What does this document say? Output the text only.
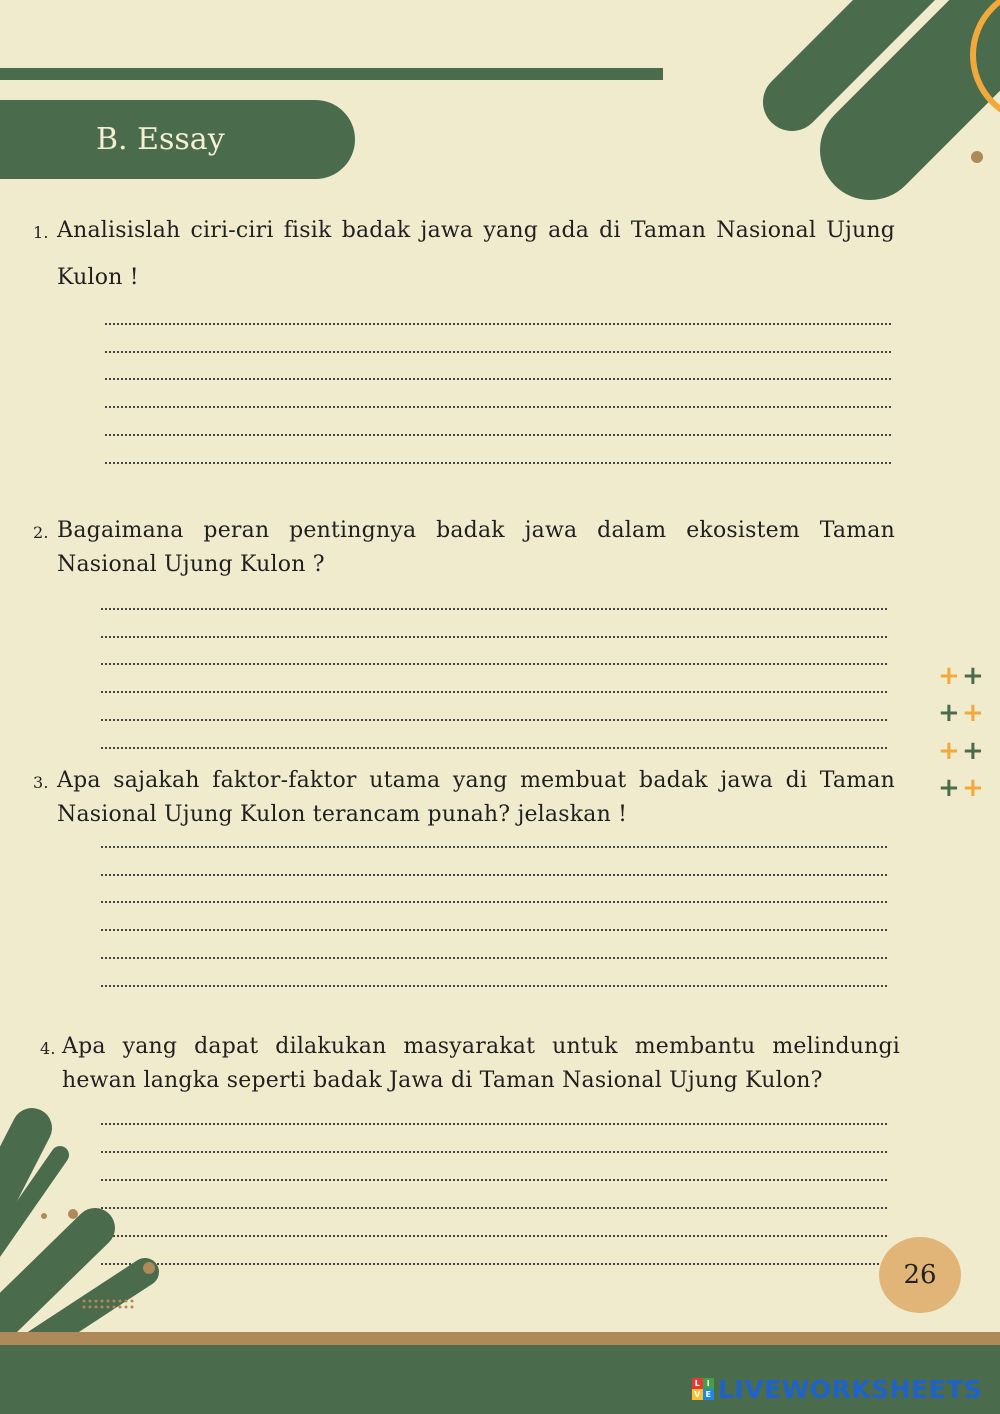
B. Essay
1. Analisislah ciri-ciri fisik badak jawa yang ada di Taman Nasional Ujung
Kulon !
2. Bagaimana peran pentingnya badak jawa dalam ekosistem Taman
Nasional Ujung Kulon ?
3. Apa sajakah faktor-faktor utama yang membuat badak jawa di Taman
Nasional Ujung Kulon terancam punah? jelaskan !
4. Apa yang dapat dilakukan masyarakat untuk membantu melindungi
hewan langka seperti badak Jawa di Taman Nasional Ujung Kulon?
+ +
+ +
+ +
+ +
26
L I
V E LIVEWORKSHEETS
